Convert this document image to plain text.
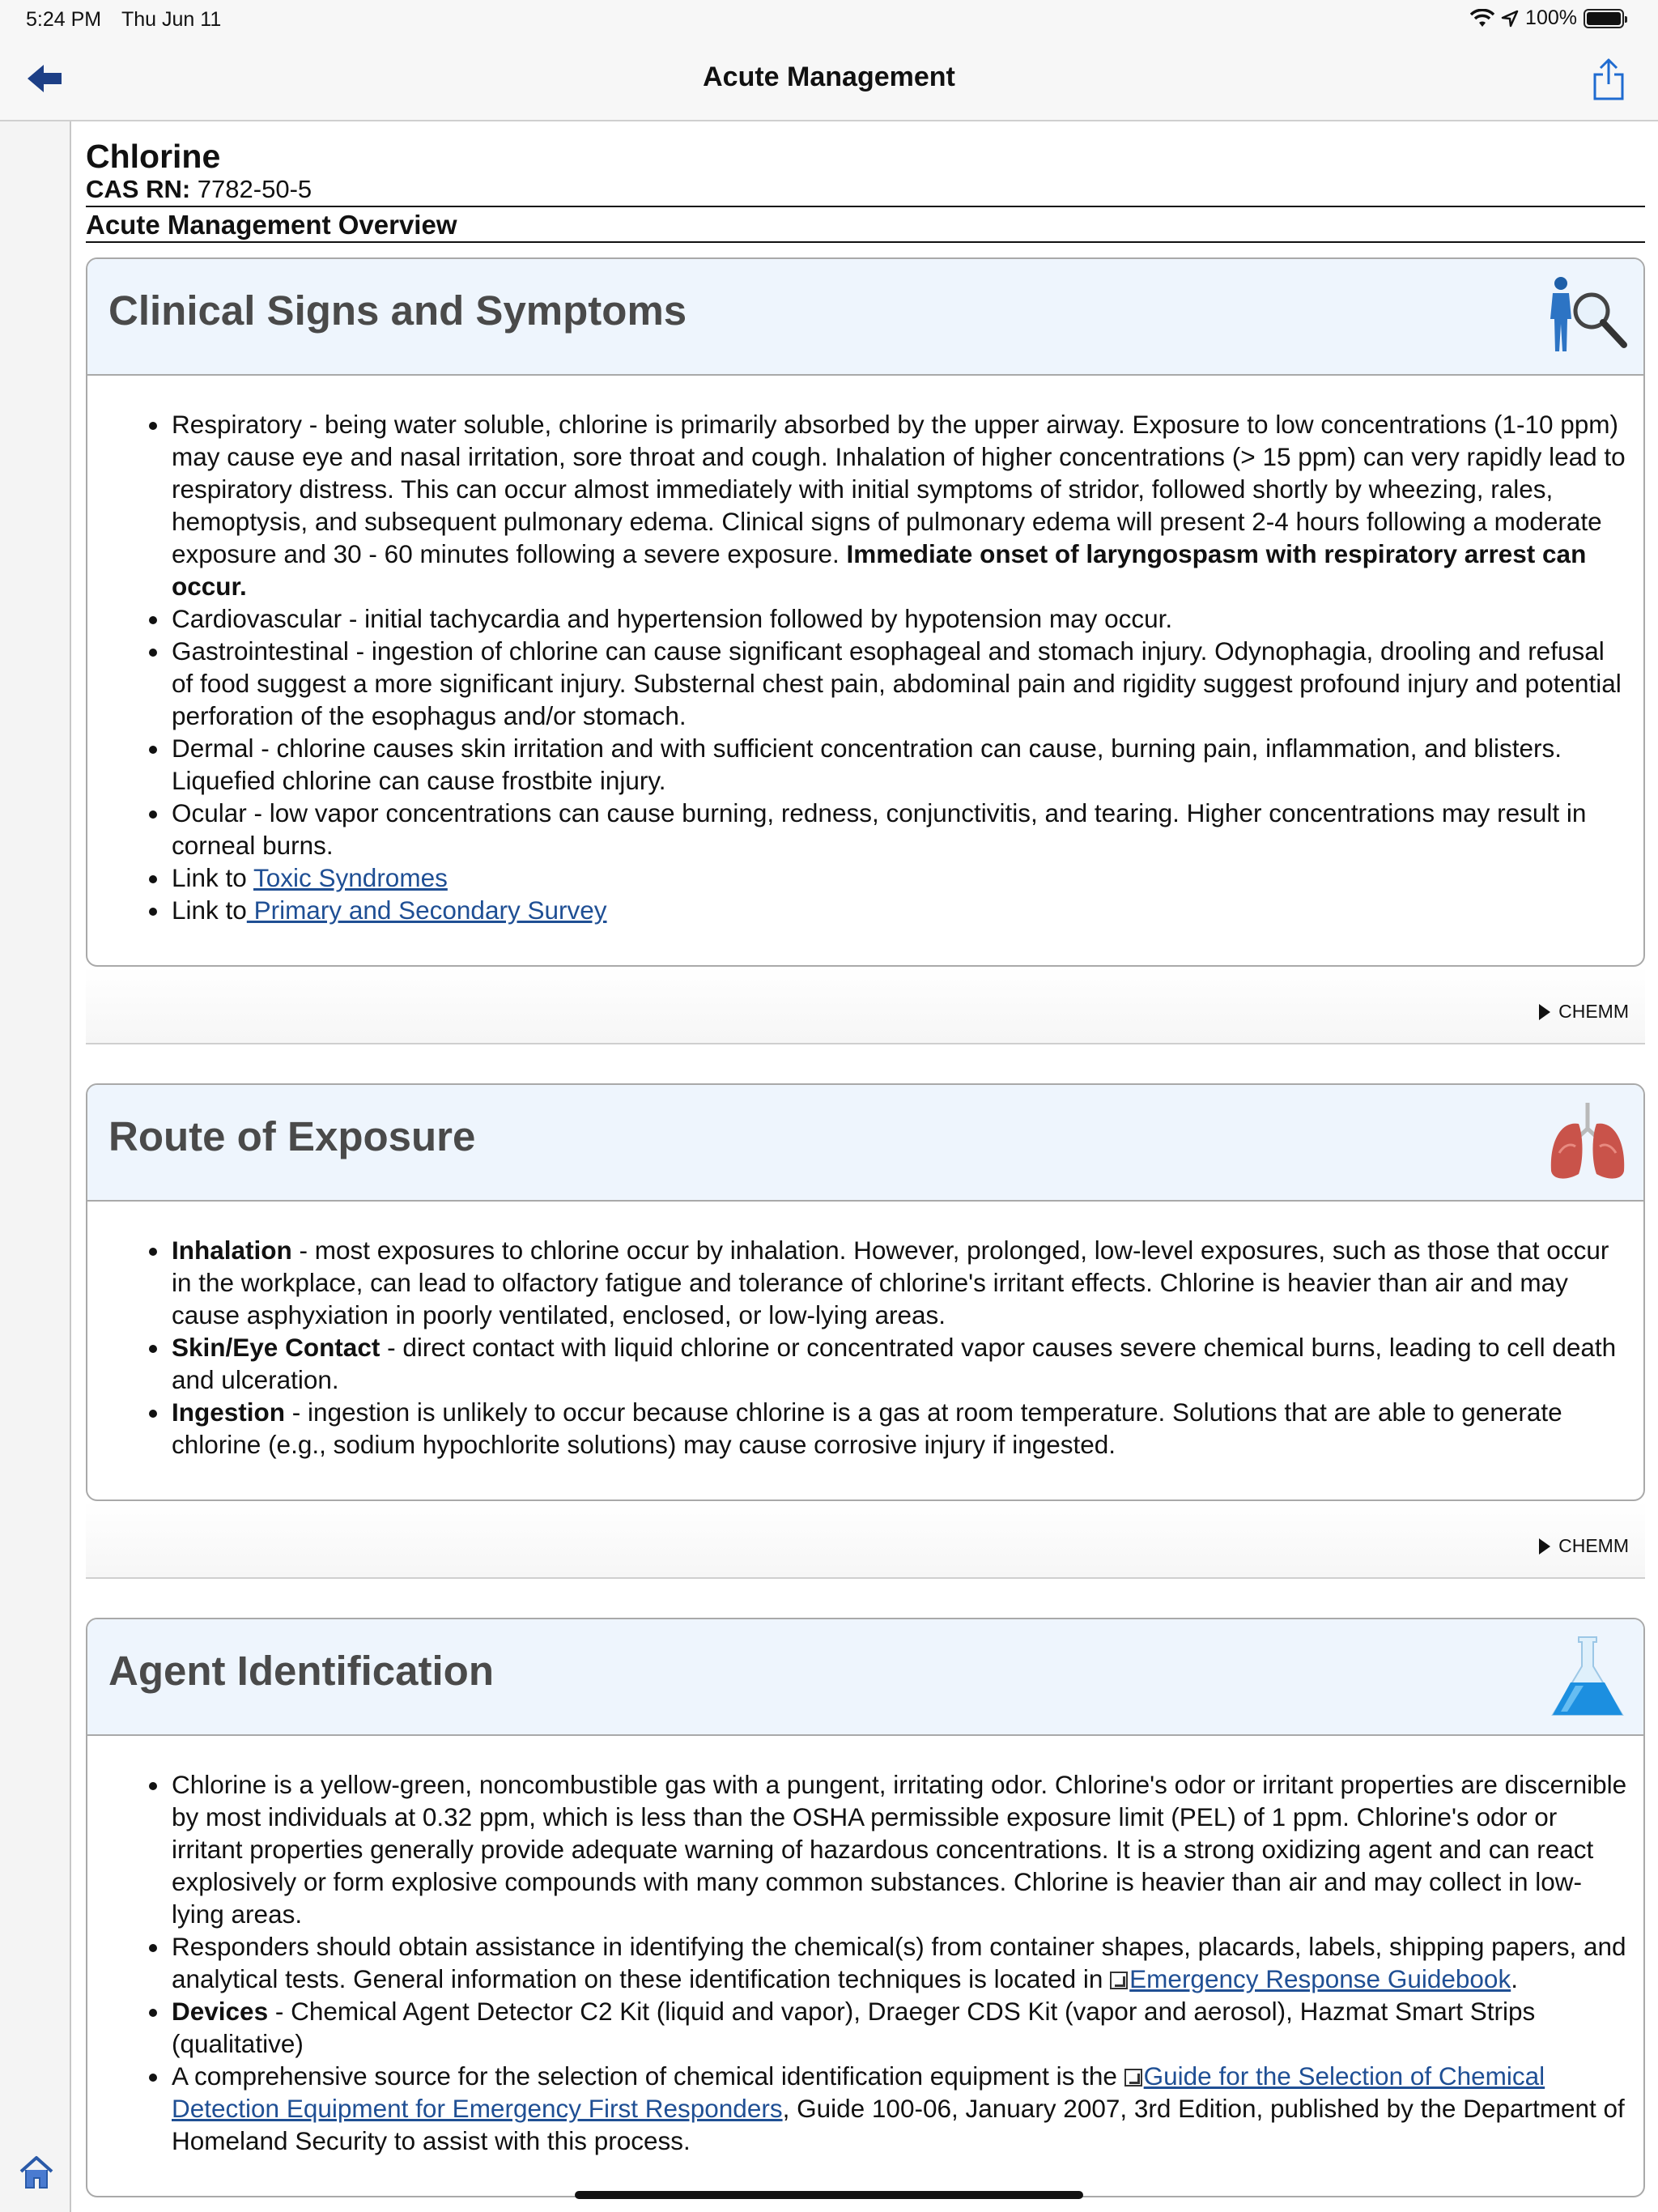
5:24 PM Thu Jun 11	100%
Acute Management
Chlorine
CAS RN: 7782-50-5
Acute Management Overview
Clinical Signs and Symptoms
• Respiratory - being water soluble, chlorine is primarily absorbed by the upper airway. Exposure to low concentrations (1-10 ppm) may cause eye and nasal irritation, sore throat and cough. Inhalation of higher concentrations (> 15 ppm) can very rapidly lead to respiratory distress. This can occur almost immediately with initial symptoms of stridor, followed shortly by wheezing, rales, hemoptysis, and subsequent pulmonary edema. Clinical signs of pulmonary edema will present 2-4 hours following a moderate exposure and 30 - 60 minutes following a severe exposure. Immediate onset of laryngospasm with respiratory arrest can occur.
• Cardiovascular - initial tachycardia and hypertension followed by hypotension may occur.
• Gastrointestinal - ingestion of chlorine can cause significant esophageal and stomach injury. Odynophagia, drooling and refusal of food suggest a more significant injury. Substernal chest pain, abdominal pain and rigidity suggest profound injury and potential perforation of the esophagus and/or stomach.
• Dermal - chlorine causes skin irritation and with sufficient concentration can cause, burning pain, inflammation, and blisters. Liquefied chlorine can cause frostbite injury.
• Ocular - low vapor concentrations can cause burning, redness, conjunctivitis, and tearing. Higher concentrations may result in corneal burns.
• Link to Toxic Syndromes
• Link to Primary and Secondary Survey
CHEMM
Route of Exposure
• Inhalation - most exposures to chlorine occur by inhalation. However, prolonged, low-level exposures, such as those that occur in the workplace, can lead to olfactory fatigue and tolerance of chlorine's irritant effects. Chlorine is heavier than air and may cause asphyxiation in poorly ventilated, enclosed, or low-lying areas.
• Skin/Eye Contact - direct contact with liquid chlorine or concentrated vapor causes severe chemical burns, leading to cell death and ulceration.
• Ingestion - ingestion is unlikely to occur because chlorine is a gas at room temperature. Solutions that are able to generate chlorine (e.g., sodium hypochlorite solutions) may cause corrosive injury if ingested.
CHEMM
Agent Identification
• Chlorine is a yellow-green, noncombustible gas with a pungent, irritating odor. Chlorine's odor or irritant properties are discernible by most individuals at 0.32 ppm, which is less than the OSHA permissible exposure limit (PEL) of 1 ppm. Chlorine's odor or irritant properties generally provide adequate warning of hazardous concentrations. It is a strong oxidizing agent and can react explosively or form explosive compounds with many common substances. Chlorine is heavier than air and may collect in low-lying areas.
• Responders should obtain assistance in identifying the chemical(s) from container shapes, placards, labels, shipping papers, and analytical tests. General information on these identification techniques is located in Emergency Response Guidebook.
• Devices - Chemical Agent Detector C2 Kit (liquid and vapor), Draeger CDS Kit (vapor and aerosol), Hazmat Smart Strips (qualitative)
• A comprehensive source for the selection of chemical identification equipment is the Guide for the Selection of Chemical Detection Equipment for Emergency First Responders, Guide 100-06, January 2007, 3rd Edition, published by the Department of Homeland Security to assist with this process.
